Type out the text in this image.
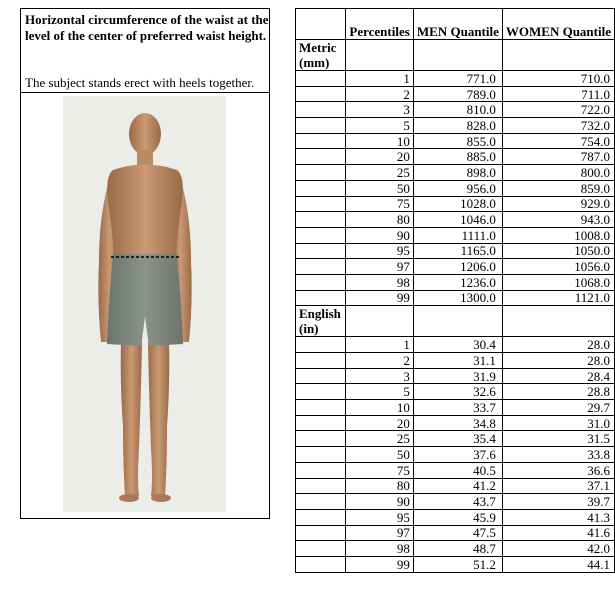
Horizontal circumference of the waist at the level of the center of preferred waist height.
The subject stands erect with heels together.
	Percentiles	MEN Quantile	WOMEN Quantile
Metric (mm)			
	1	771.0	710.0
	2	789.0	711.0
	3	810.0	722.0
	5	828.0	732.0
	10	855.0	754.0
	20	885.0	787.0
	25	898.0	800.0
	50	956.0	859.0
	75	1028.0	929.0
	80	1046.0	943.0
	90	1111.0	1008.0
	95	1165.0	1050.0
	97	1206.0	1056.0
	98	1236.0	1068.0
	99	1300.0	1121.0
English (in)			
	1	30.4	28.0
	2	31.1	28.0
	3	31.9	28.4
	5	32.6	28.8
	10	33.7	29.7
	20	34.8	31.0
	25	35.4	31.5
	50	37.6	33.8
	75	40.5	36.6
	80	41.2	37.1
	90	43.7	39.7
	95	45.9	41.3
	97	47.5	41.6
	98	48.7	42.0
	99	51.2	44.1
